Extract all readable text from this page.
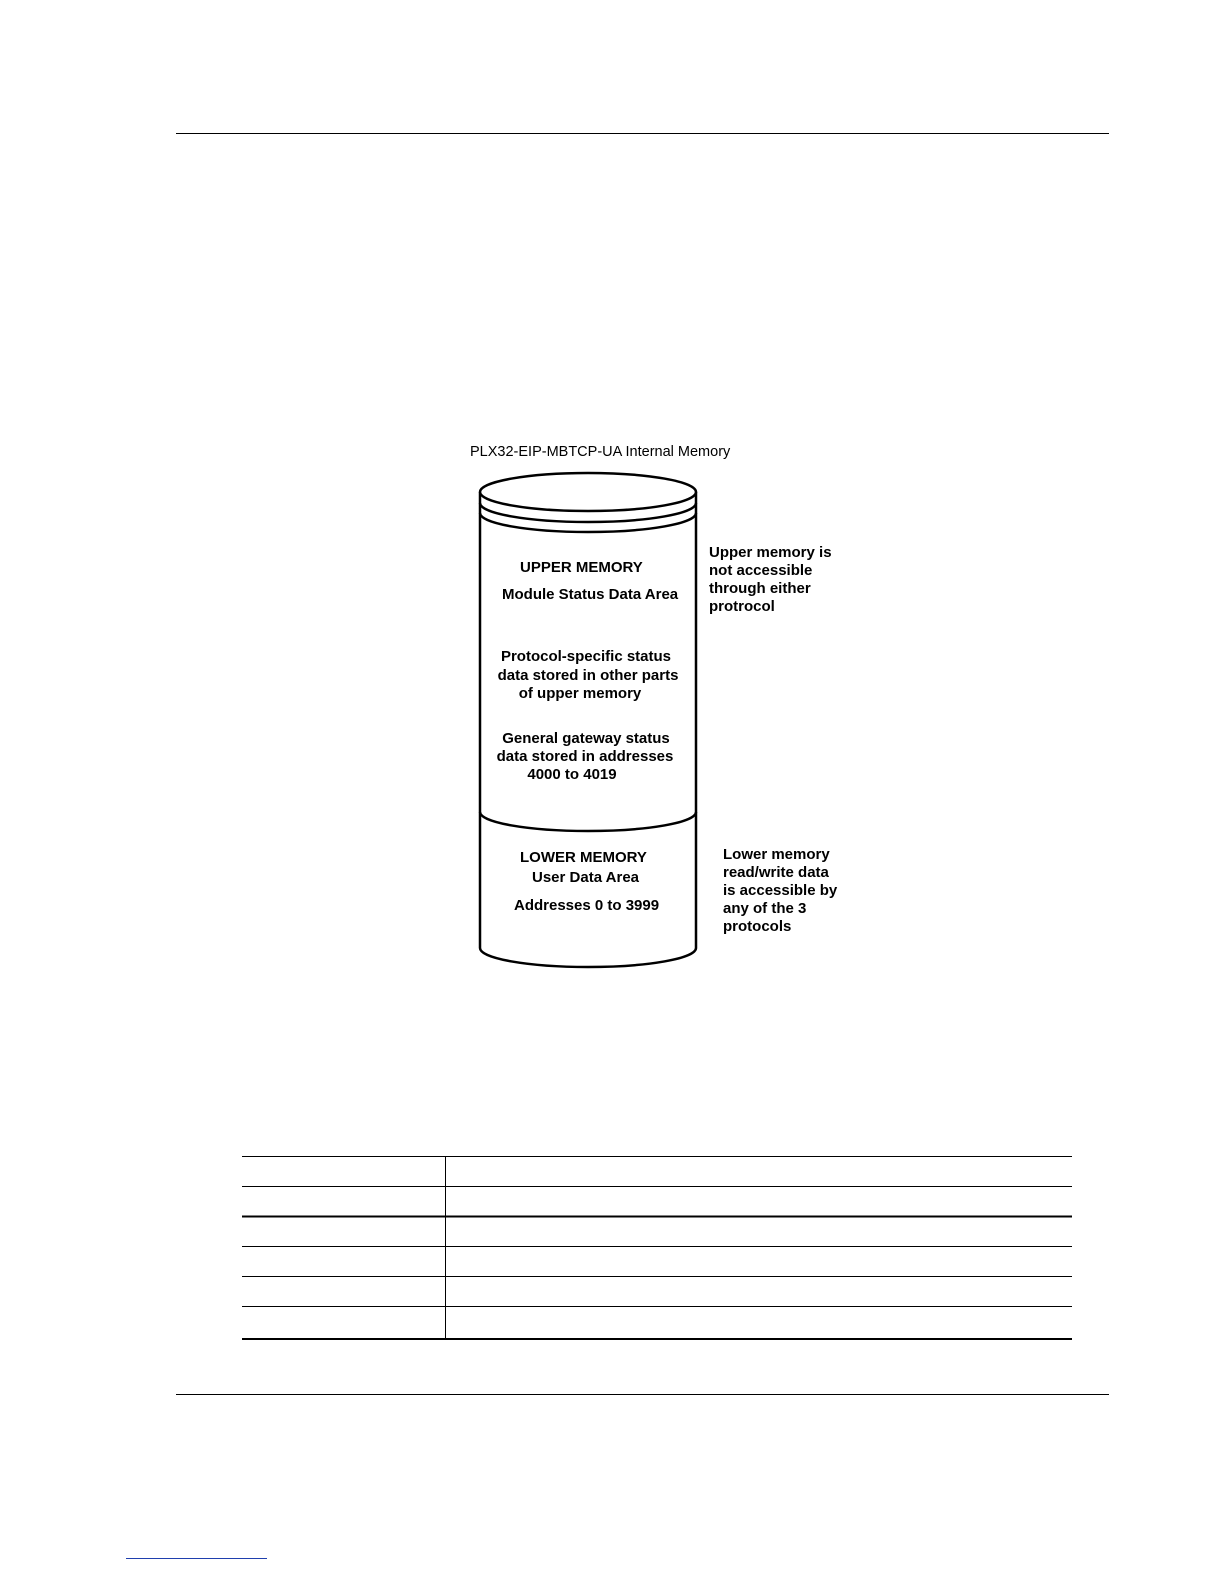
PLX32-EIP-MBTCP-UA Internal Memory
UPPER MEMORY
Module Status Data Area
Protocol-specific status
data stored in other parts
of upper memory
General gateway status
data stored in addresses
4000 to 4019
Upper memory is
not accessible
through either
protrocol
LOWER MEMORY
User Data Area
Addresses 0 to 3999
Lower memory
read/write data
is accessible by
any of the 3
protocols
